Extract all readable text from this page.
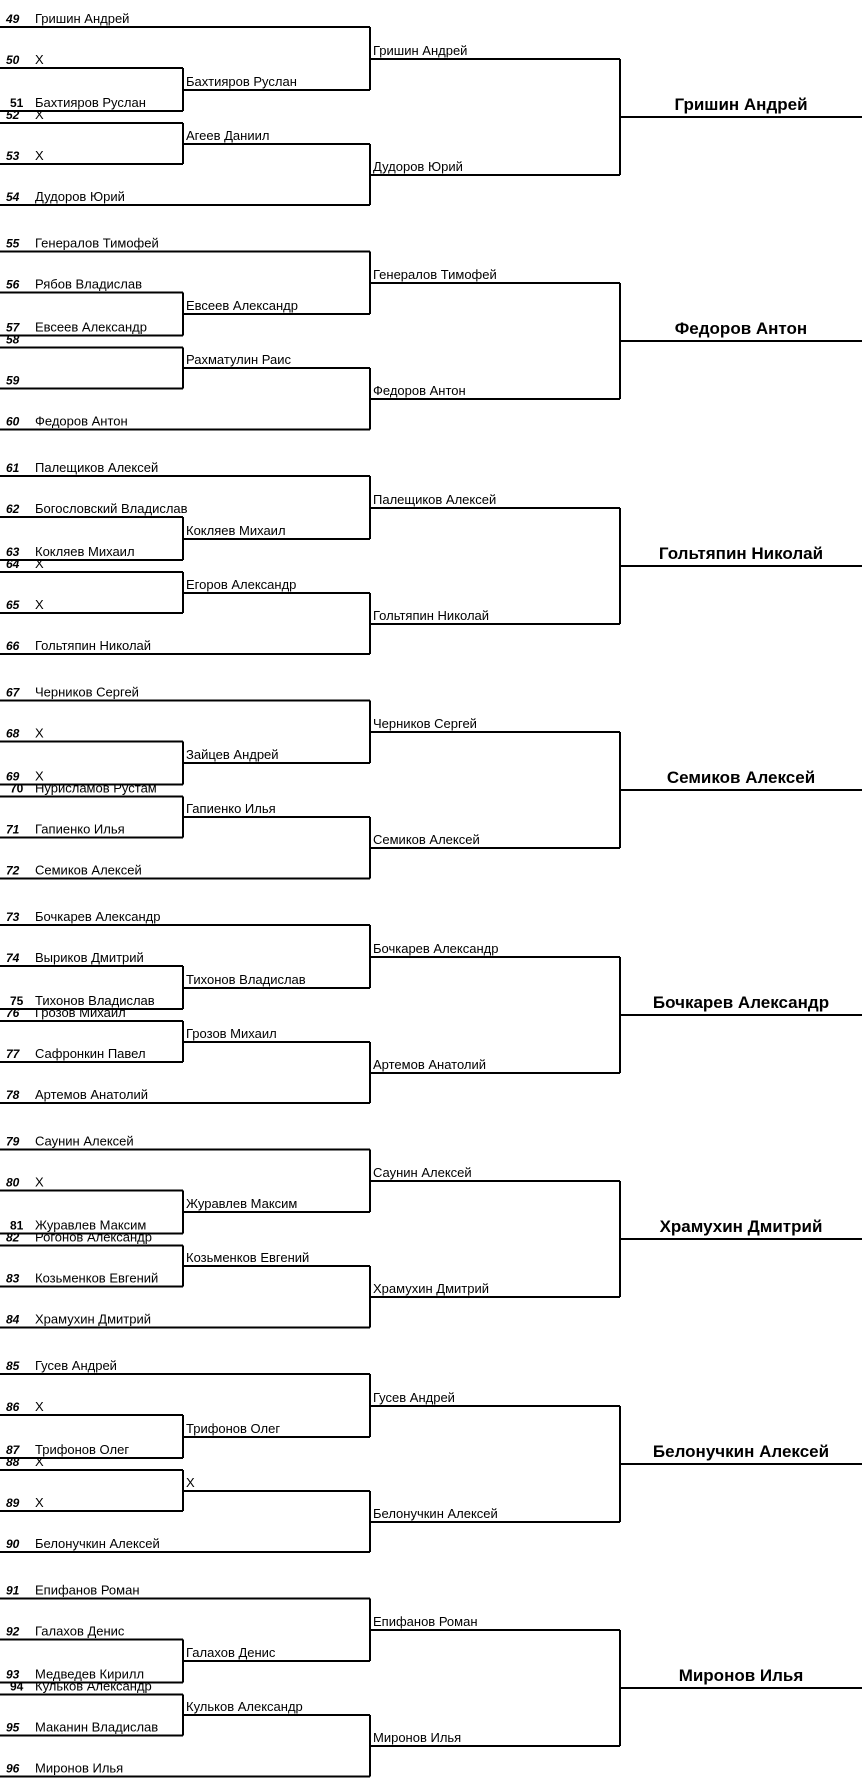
49 Гришин Андрей
50 Х
51 Бахтияров Руслан
52 Х
53 Х
54 Дудоров Юрий
Бахтияров Руслан
Агеев Даниил
Гришин Андрей
Дудоров Юрий
Гришин Андрей
55 Генералов Тимофей
56 Рябов Владислав
57 Евсеев Александр
58
59
60 Федоров Антон
Евсеев Александр
Рахматулин Раис
Генералов Тимофей
Федоров Антон
Федоров Антон
61 Палещиков Алексей
62 Богословский Владислав
63 Кокляев Михаил
64 Х
65 Х
66 Гольтяпин Николай
Кокляев Михаил
Егоров Александр
Палещиков Алексей
Гольтяпин Николай
Гольтяпин Николай
67 Черников Сергей
68 Х
69 Х
70 Нурисламов Рустам
71 Гапиенко Илья
72 Семиков Алексей
Зайцев Андрей
Гапиенко Илья
Черников Сергей
Семиков Алексей
Семиков Алексей
73 Бочкарев Александр
74 Выриков Дмитрий
75 Тихонов Владислав
76 Грозов Михаил
77 Сафронкин Павел
78 Артемов Анатолий
Тихонов Владислав
Грозов Михаил
Бочкарев Александр
Артемов Анатолий
Бочкарев Александр
79 Саунин Алексей
80 Х
81 Журавлев Максим
82 Рогонов Александр
83 Козьменков Евгений
84 Храмухин Дмитрий
Журавлев Максим
Козьменков Евгений
Саунин Алексей
Храмухин Дмитрий
Храмухин Дмитрий
85 Гусев Андрей
86 Х
87 Трифонов Олег
88 Х
89 Х
90 Белонучкин Алексей
Трифонов Олег
Х
Гусев Андрей
Белонучкин Алексей
Белонучкин Алексей
91 Епифанов Роман
92 Галахов Денис
93 Медведев Кирилл
94 Кульков Александр
95 Маканин Владислав
96 Миронов Илья
Галахов Денис
Кульков Александр
Епифанов Роман
Миронов Илья
Миронов Илья
